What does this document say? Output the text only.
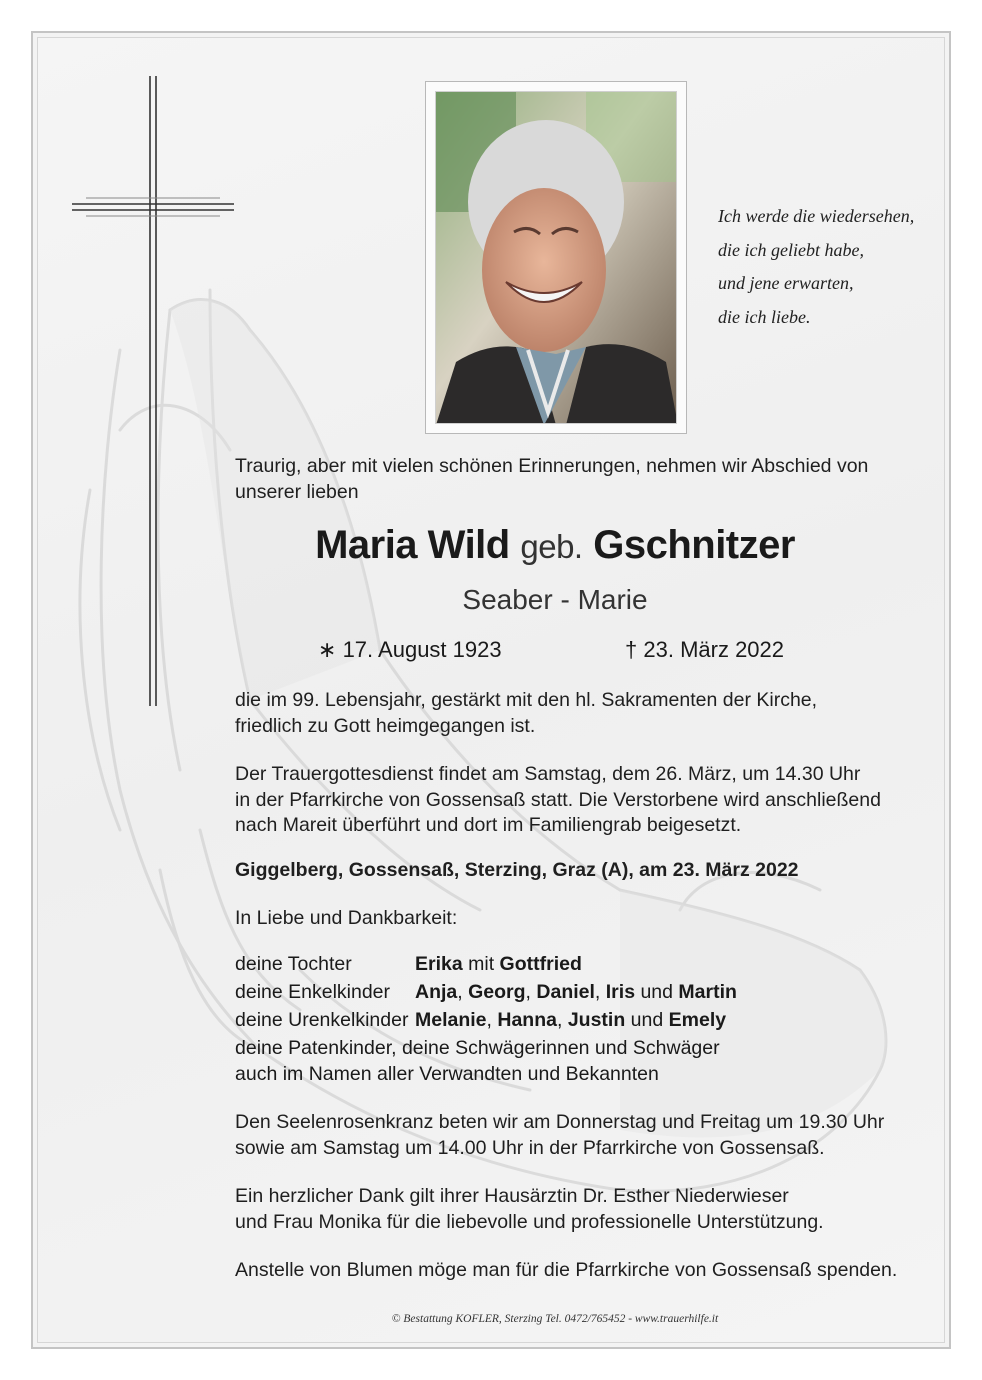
Ich werde die wiedersehen,
die ich geliebt habe,
und jene erwarten,
die ich liebe.
Traurig, aber mit vielen schönen Erinnerungen, nehmen wir Abschied von
unserer lieben
Maria Wild geb. Gschnitzer
Seaber - Marie
∗ 17. August 1923	† 23. März 2022
die im 99. Lebensjahr, gestärkt mit den hl. Sakramenten der Kirche,
friedlich zu Gott heimgegangen ist.
Der Trauergottesdienst findet am Samstag, dem 26. März, um 14.30 Uhr
in der Pfarrkirche von Gossensaß statt. Die Verstorbene wird anschließend
nach Mareit überführt und dort im Familiengrab beigesetzt.
Giggelberg, Gossensaß, Sterzing, Graz (A), am 23. März 2022
In Liebe und Dankbarkeit:
deine Tochter	Erika mit Gottfried
deine Enkelkinder Anja, Georg, Daniel, Iris und Martin
deine Urenkelkinder Melanie, Hanna, Justin und Emely
deine Patenkinder, deine Schwägerinnen und Schwäger
auch im Namen aller Verwandten und Bekannten
Den Seelenrosenkranz beten wir am Donnerstag und Freitag um 19.30 Uhr
sowie am Samstag um 14.00 Uhr in der Pfarrkirche von Gossensaß.
Ein herzlicher Dank gilt ihrer Hausärztin Dr. Esther Niederwieser
und Frau Monika für die liebevolle und professionelle Unterstützung.
Anstelle von Blumen möge man für die Pfarrkirche von Gossensaß spenden.
© Bestattung KOFLER, Sterzing Tel. 0472/765452 - www.trauerhilfe.it
